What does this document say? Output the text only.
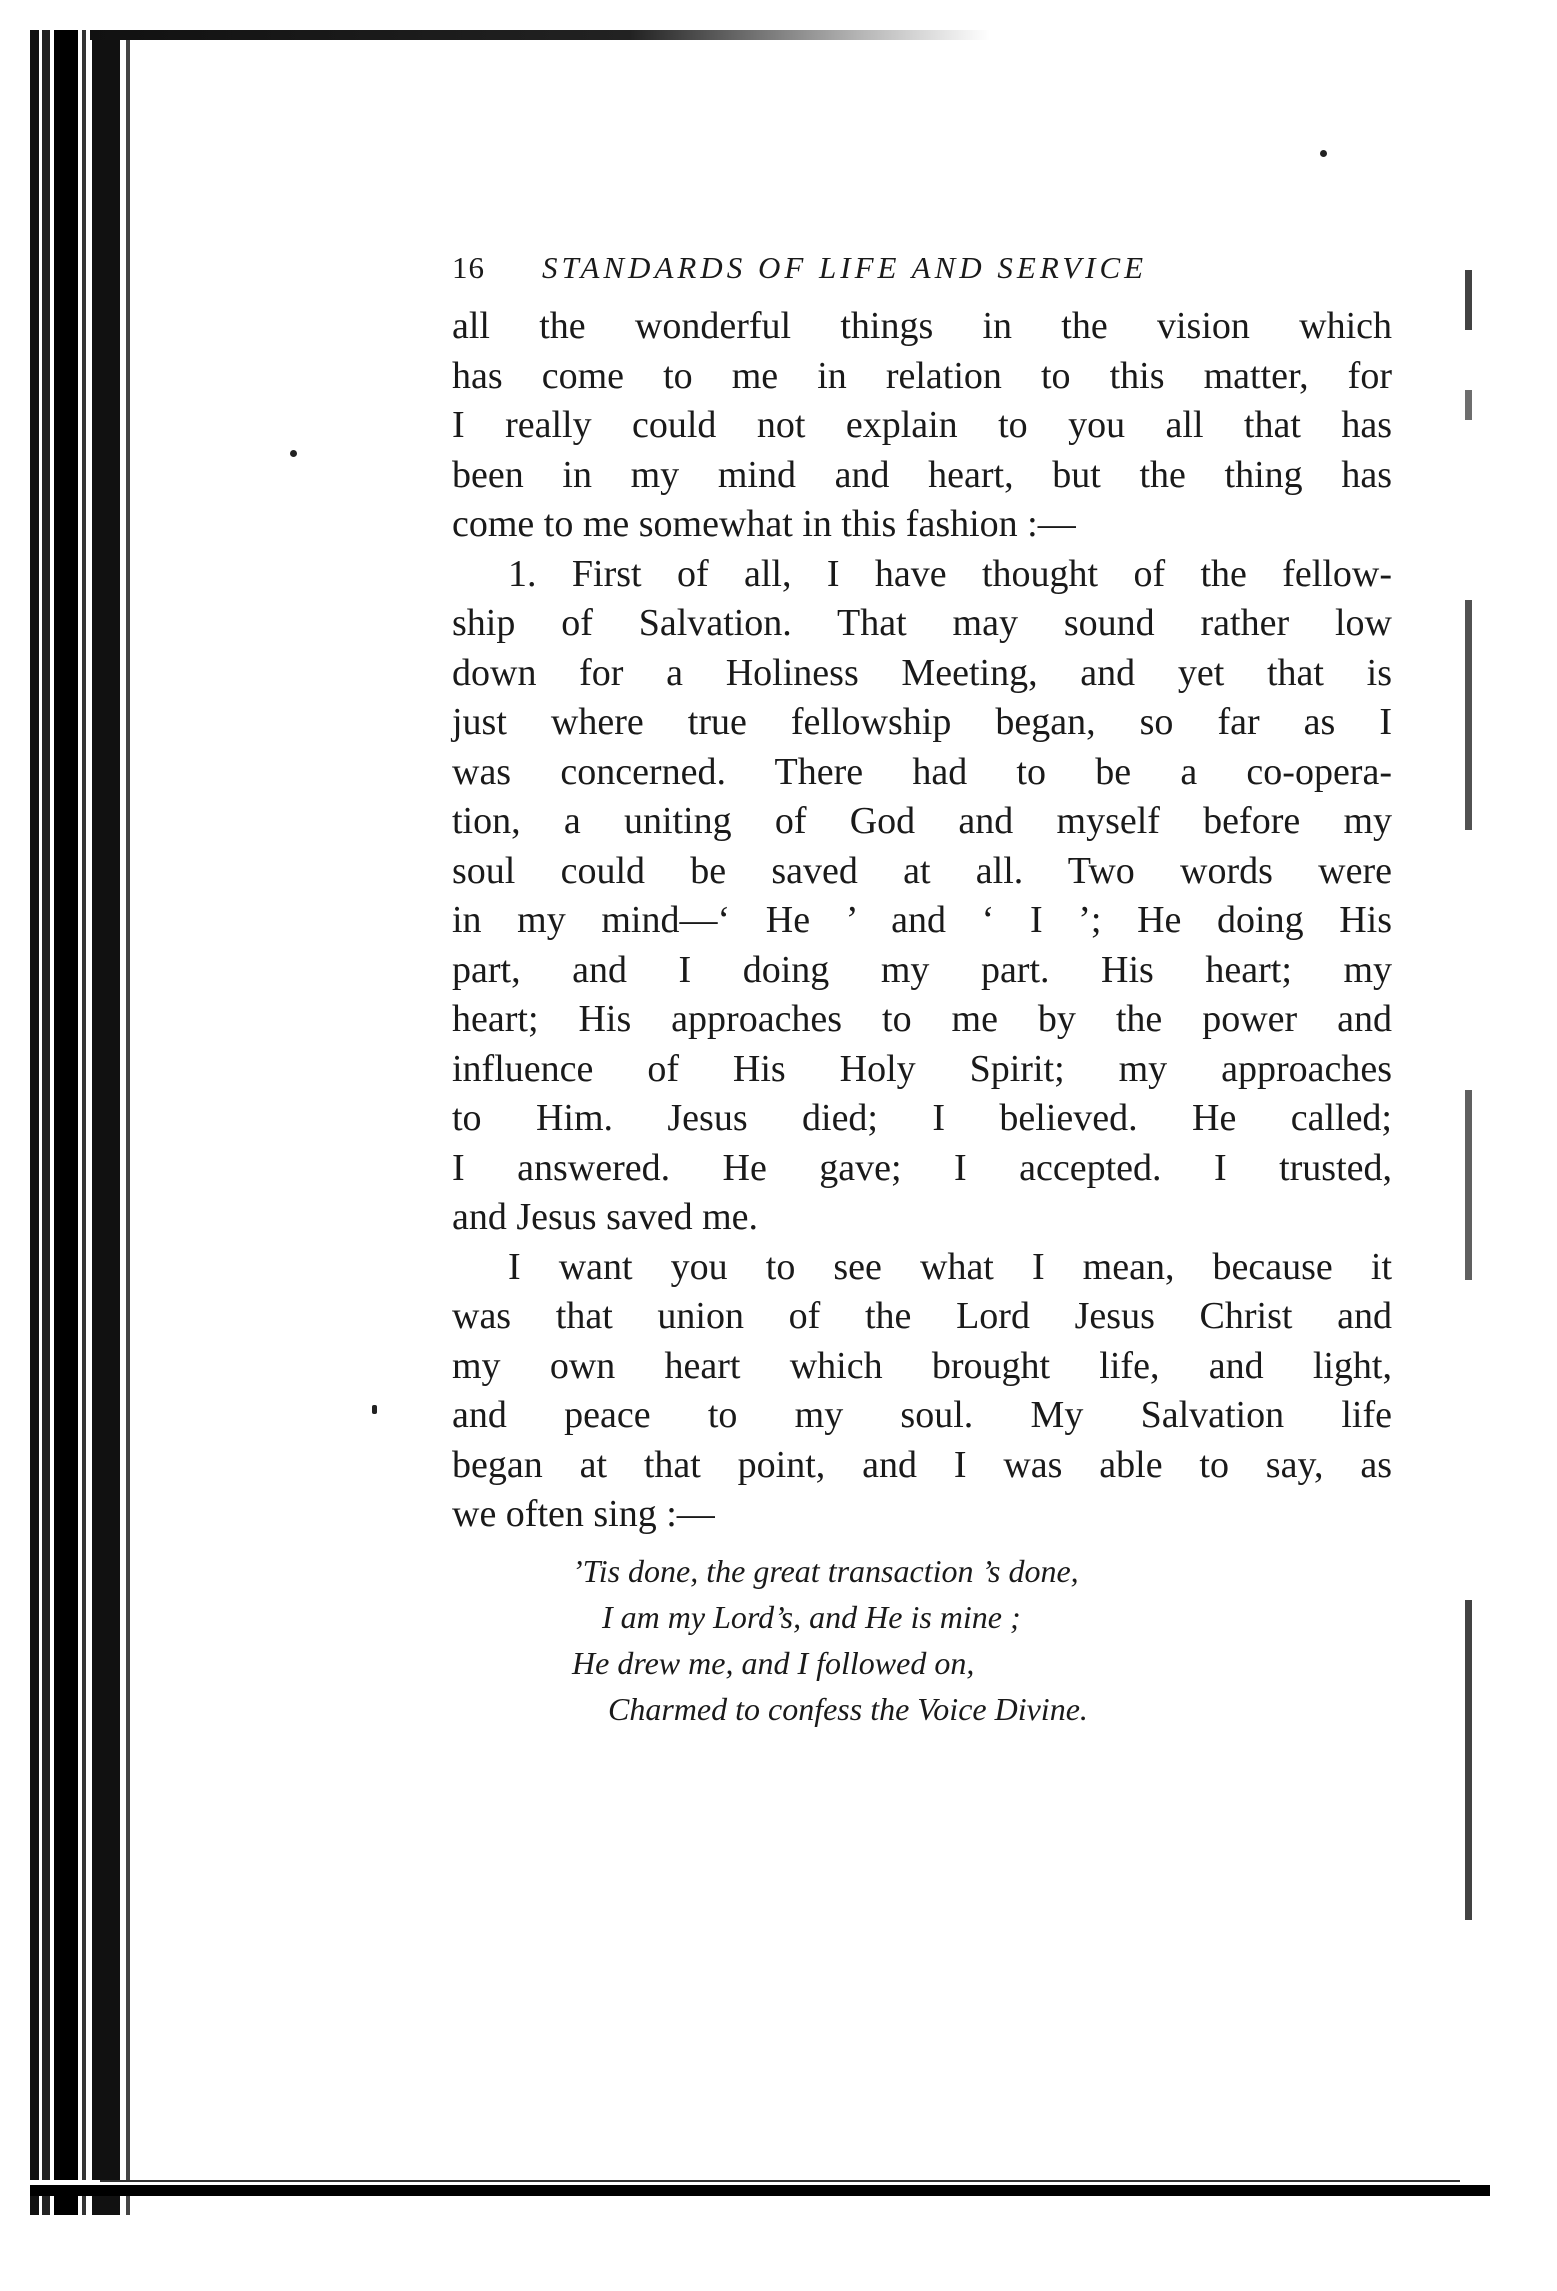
16	STANDARDS OF LIFE AND SERVICE
all the wonderful things in the vision which
has come to me in relation to this matter, for
I really could not explain to you all that has
been in my mind and heart, but the thing has
come to me somewhat in this fashion :—
1. First of all, I have thought of the fellow-
ship of Salvation. That may sound rather low
down for a Holiness Meeting, and yet that is
just where true fellowship began, so far as I
was concerned. There had to be a co-opera-
tion, a uniting of God and myself before my
soul could be saved at all. Two words were
in my mind—‘ He ’ and ‘ I ’; He doing His
part, and I doing my part. His heart; my
heart; His approaches to me by the power and
influence of His Holy Spirit; my approaches
to Him. Jesus died; I believed. He called;
I answered. He gave; I accepted. I trusted,
and Jesus saved me.
I want you to see what I mean, because it
was that union of the Lord Jesus Christ and
my own heart which brought life, and light,
and peace to my soul. My Salvation life
began at that point, and I was able to say, as
we often sing :—
’Tis done, the great transaction ’s done,
I am my Lord’s, and He is mine ;
He drew me, and I followed on,
Charmed to confess the Voice Divine.
